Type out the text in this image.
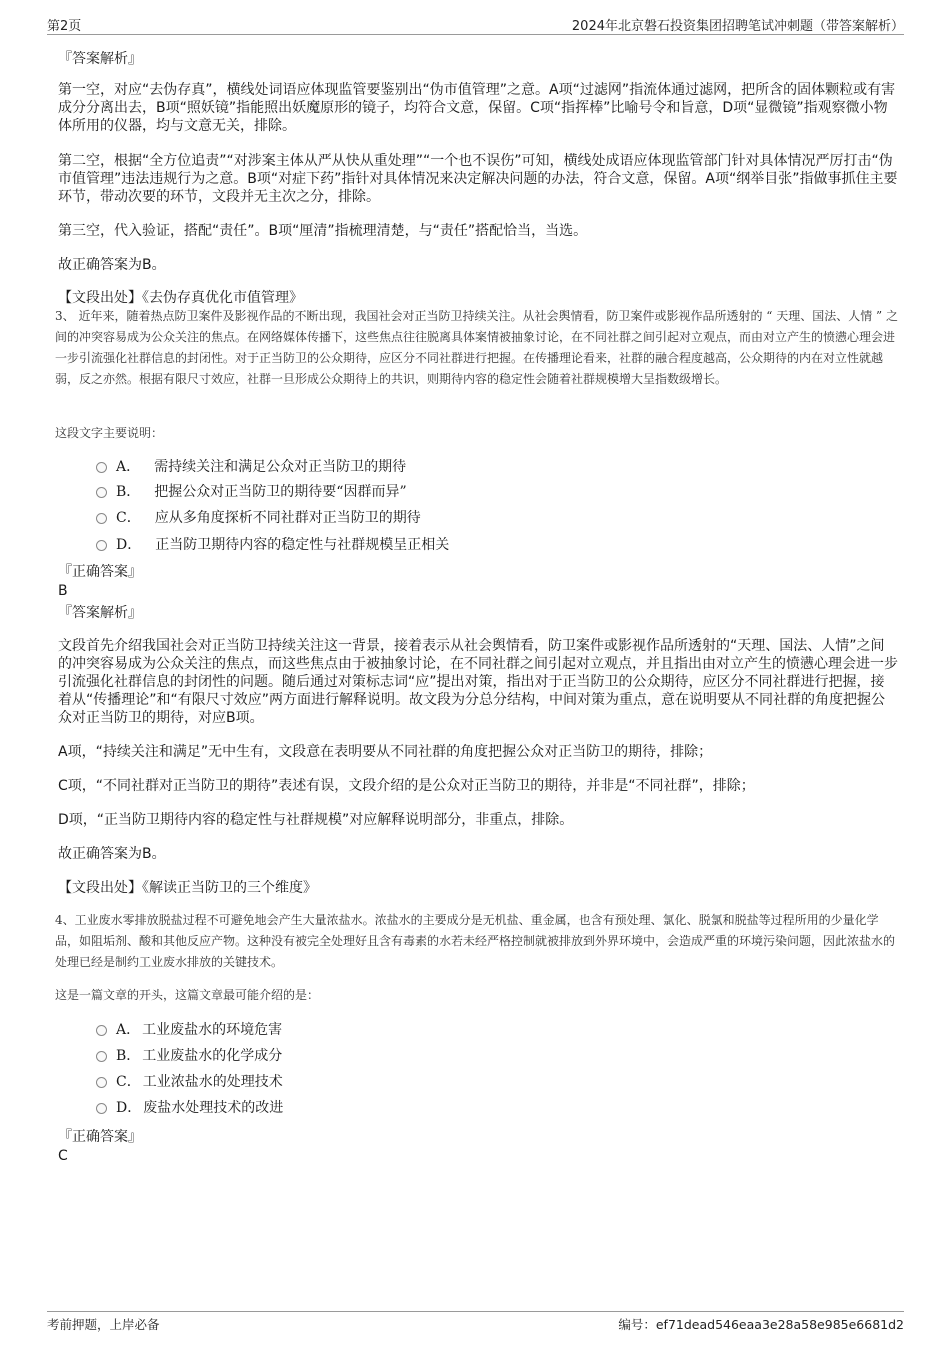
第2页	2024年北京磐石投资集团招聘笔试冲刺题（带答案解析）

『答案解析』

第一空，对应“去伪存真”，横线处词语应体现监管要鉴别出“伪市值管理”之意。A项“过滤网”指流体通过滤网，把所含的固体颗粒或有害成分分离出去，B项“照妖镜”指能照出妖魔原形的镜子，均符合文意，保留。C项“指挥棒”比喻号令和旨意，D项“显微镜”指观察微小物体所用的仪器，均与文意无关，排除。

第二空，根据“全方位追责”“对涉案主体从严从快从重处理”“一个也不误伤”可知，横线处成语应体现监管部门针对具体情况严厉打击“伪市值管理”违法违规行为之意。B项“对症下药”指针对具体情况来决定解决问题的办法，符合文意，保留。A项“纲举目张”指做事抓住主要环节，带动次要的环节，文段并无主次之分，排除。

第三空，代入验证，搭配“责任”。B项“厘清”指梳理清楚，与“责任”搭配恰当，当选。

故正确答案为B。

【文段出处】《去伪存真优化市值管理》

3、 近年来，随着热点防卫案件及影视作品的不断出现，我国社会对正当防卫持续关注。从社会舆情看，防卫案件或影视作品所透射的 “ 天理、国法、人情 ” 之间的冲突容易成为公众关注的焦点。在网络媒体传播下，这些焦点往往脱离具体案情被抽象讨论，在不同社群之间引起对立观点，而由对立产生的愤懑心理会进一步引流强化社群信息的封闭性。对于正当防卫的公众期待，应区分不同社群进行把握。在传播理论看来，社群的融合程度越高，公众期待的内在对立性就越弱，反之亦然。根据有限尺寸效应，社群一旦形成公众期待上的共识，则期待内容的稳定性会随着社群规模增大呈指数级增长。

这段文字主要说明：

A． 需持续关注和满足公众对正当防卫的期待
B． 把握公众对正当防卫的期待要“因群而异”
C． 应从多角度探析不同社群对正当防卫的期待
D． 正当防卫期待内容的稳定性与社群规模呈正相关

『正确答案』

B

『答案解析』

文段首先介绍我国社会对正当防卫持续关注这一背景，接着表示从社会舆情看，防卫案件或影视作品所透射的“天理、国法、人情”之间的冲突容易成为公众关注的焦点，而这些焦点由于被抽象讨论，在不同社群之间引起对立观点，并且指出由对立产生的愤懑心理会进一步引流强化社群信息的封闭性的问题。随后通过对策标志词“应”提出对策，指出对于正当防卫的公众期待，应区分不同社群进行把握，接着从“传播理论”和“有限尺寸效应”两方面进行解释说明。故文段为分总分结构，中间对策为重点，意在说明要从不同社群的角度把握公众对正当防卫的期待，对应B项。

A项，“持续关注和满足”无中生有，文段意在表明要从不同社群的角度把握公众对正当防卫的期待，排除；

C项，“不同社群对正当防卫的期待”表述有误，文段介绍的是公众对正当防卫的期待，并非是“不同社群”，排除；

D项，“正当防卫期待内容的稳定性与社群规模”对应解释说明部分，非重点，排除。

故正确答案为B。

【文段出处】《解读正当防卫的三个维度》

4、工业废水零排放脱盐过程不可避免地会产生大量浓盐水。浓盐水的主要成分是无机盐、重金属，也含有预处理、氯化、脱氯和脱盐等过程所用的少量化学品，如阻垢剂、酸和其他反应产物。这种没有被完全处理好且含有毒素的水若未经严格控制就被排放到外界环境中，会造成严重的环境污染问题，因此浓盐水的处理已经是制约工业废水排放的关键技术。

这是一篇文章的开头，这篇文章最可能介绍的是：

A． 工业废盐水的环境危害
B． 工业废盐水的化学成分
C． 工业浓盐水的处理技术
D． 废盐水处理技术的改进

『正确答案』

C

考前押题，上岸必备	编号：ef71dead546eaa3e28a58e985e6681d2
